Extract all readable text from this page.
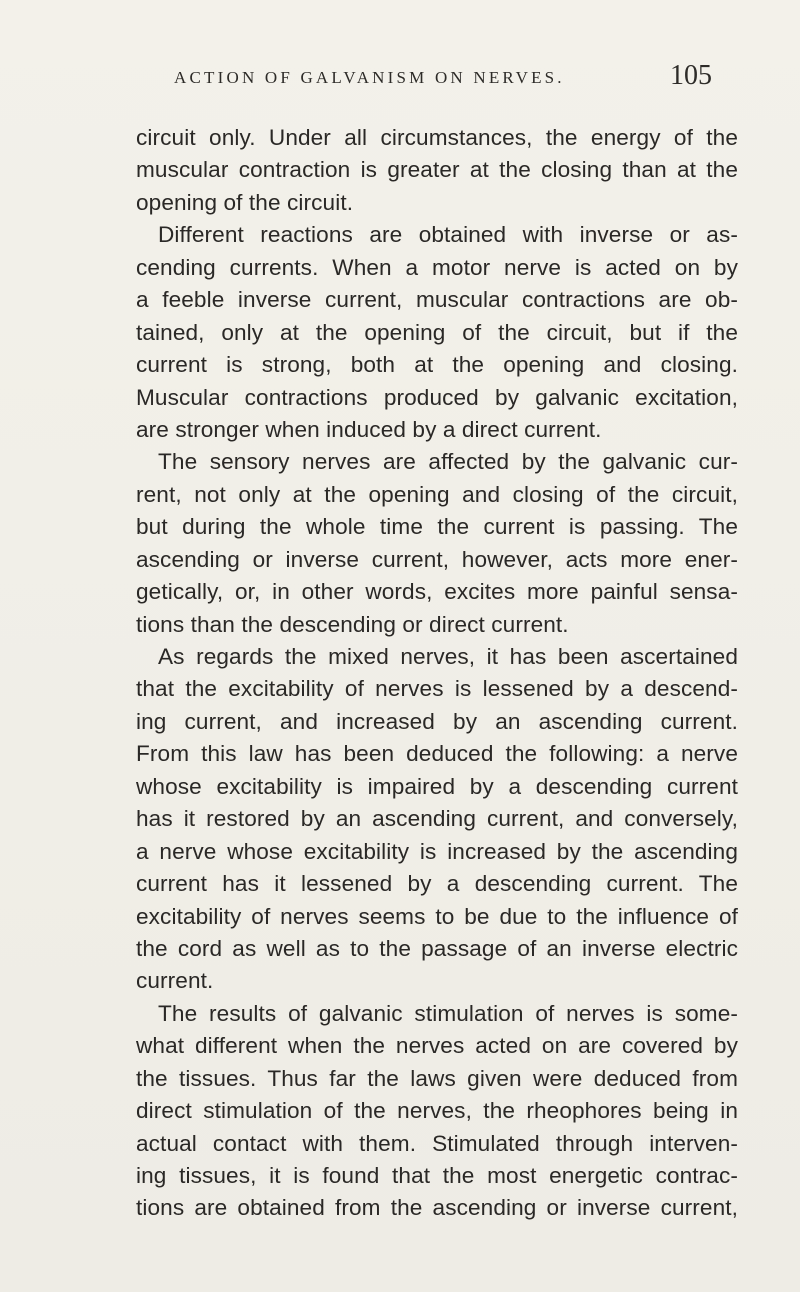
ACTION OF GALVANISM ON NERVES.	105
circuit only. Under all circumstances, the energy of the
muscular contraction is greater at the closing than at the
opening of the circuit.
Different reactions are obtained with inverse or as-
cending currents. When a motor nerve is acted on by
a feeble inverse current, muscular contractions are ob-
tained, only at the opening of the circuit, but if the
current is strong, both at the opening and closing.
Muscular contractions produced by galvanic excitation,
are stronger when induced by a direct current.
The sensory nerves are affected by the galvanic cur-
rent, not only at the opening and closing of the circuit,
but during the whole time the current is passing. The
ascending or inverse current, however, acts more ener-
getically, or, in other words, excites more painful sensa-
tions than the descending or direct current.
As regards the mixed nerves, it has been ascertained
that the excitability of nerves is lessened by a descend-
ing current, and increased by an ascending current.
From this law has been deduced the following: a nerve
whose excitability is impaired by a descending current
has it restored by an ascending current, and conversely,
a nerve whose excitability is increased by the ascending
current has it lessened by a descending current. The
excitability of nerves seems to be due to the influence of
the cord as well as to the passage of an inverse electric
current.
The results of galvanic stimulation of nerves is some-
what different when the nerves acted on are covered by
the tissues. Thus far the laws given were deduced from
direct stimulation of the nerves, the rheophores being in
actual contact with them. Stimulated through interven-
ing tissues, it is found that the most energetic contrac-
tions are obtained from the ascending or inverse current,
